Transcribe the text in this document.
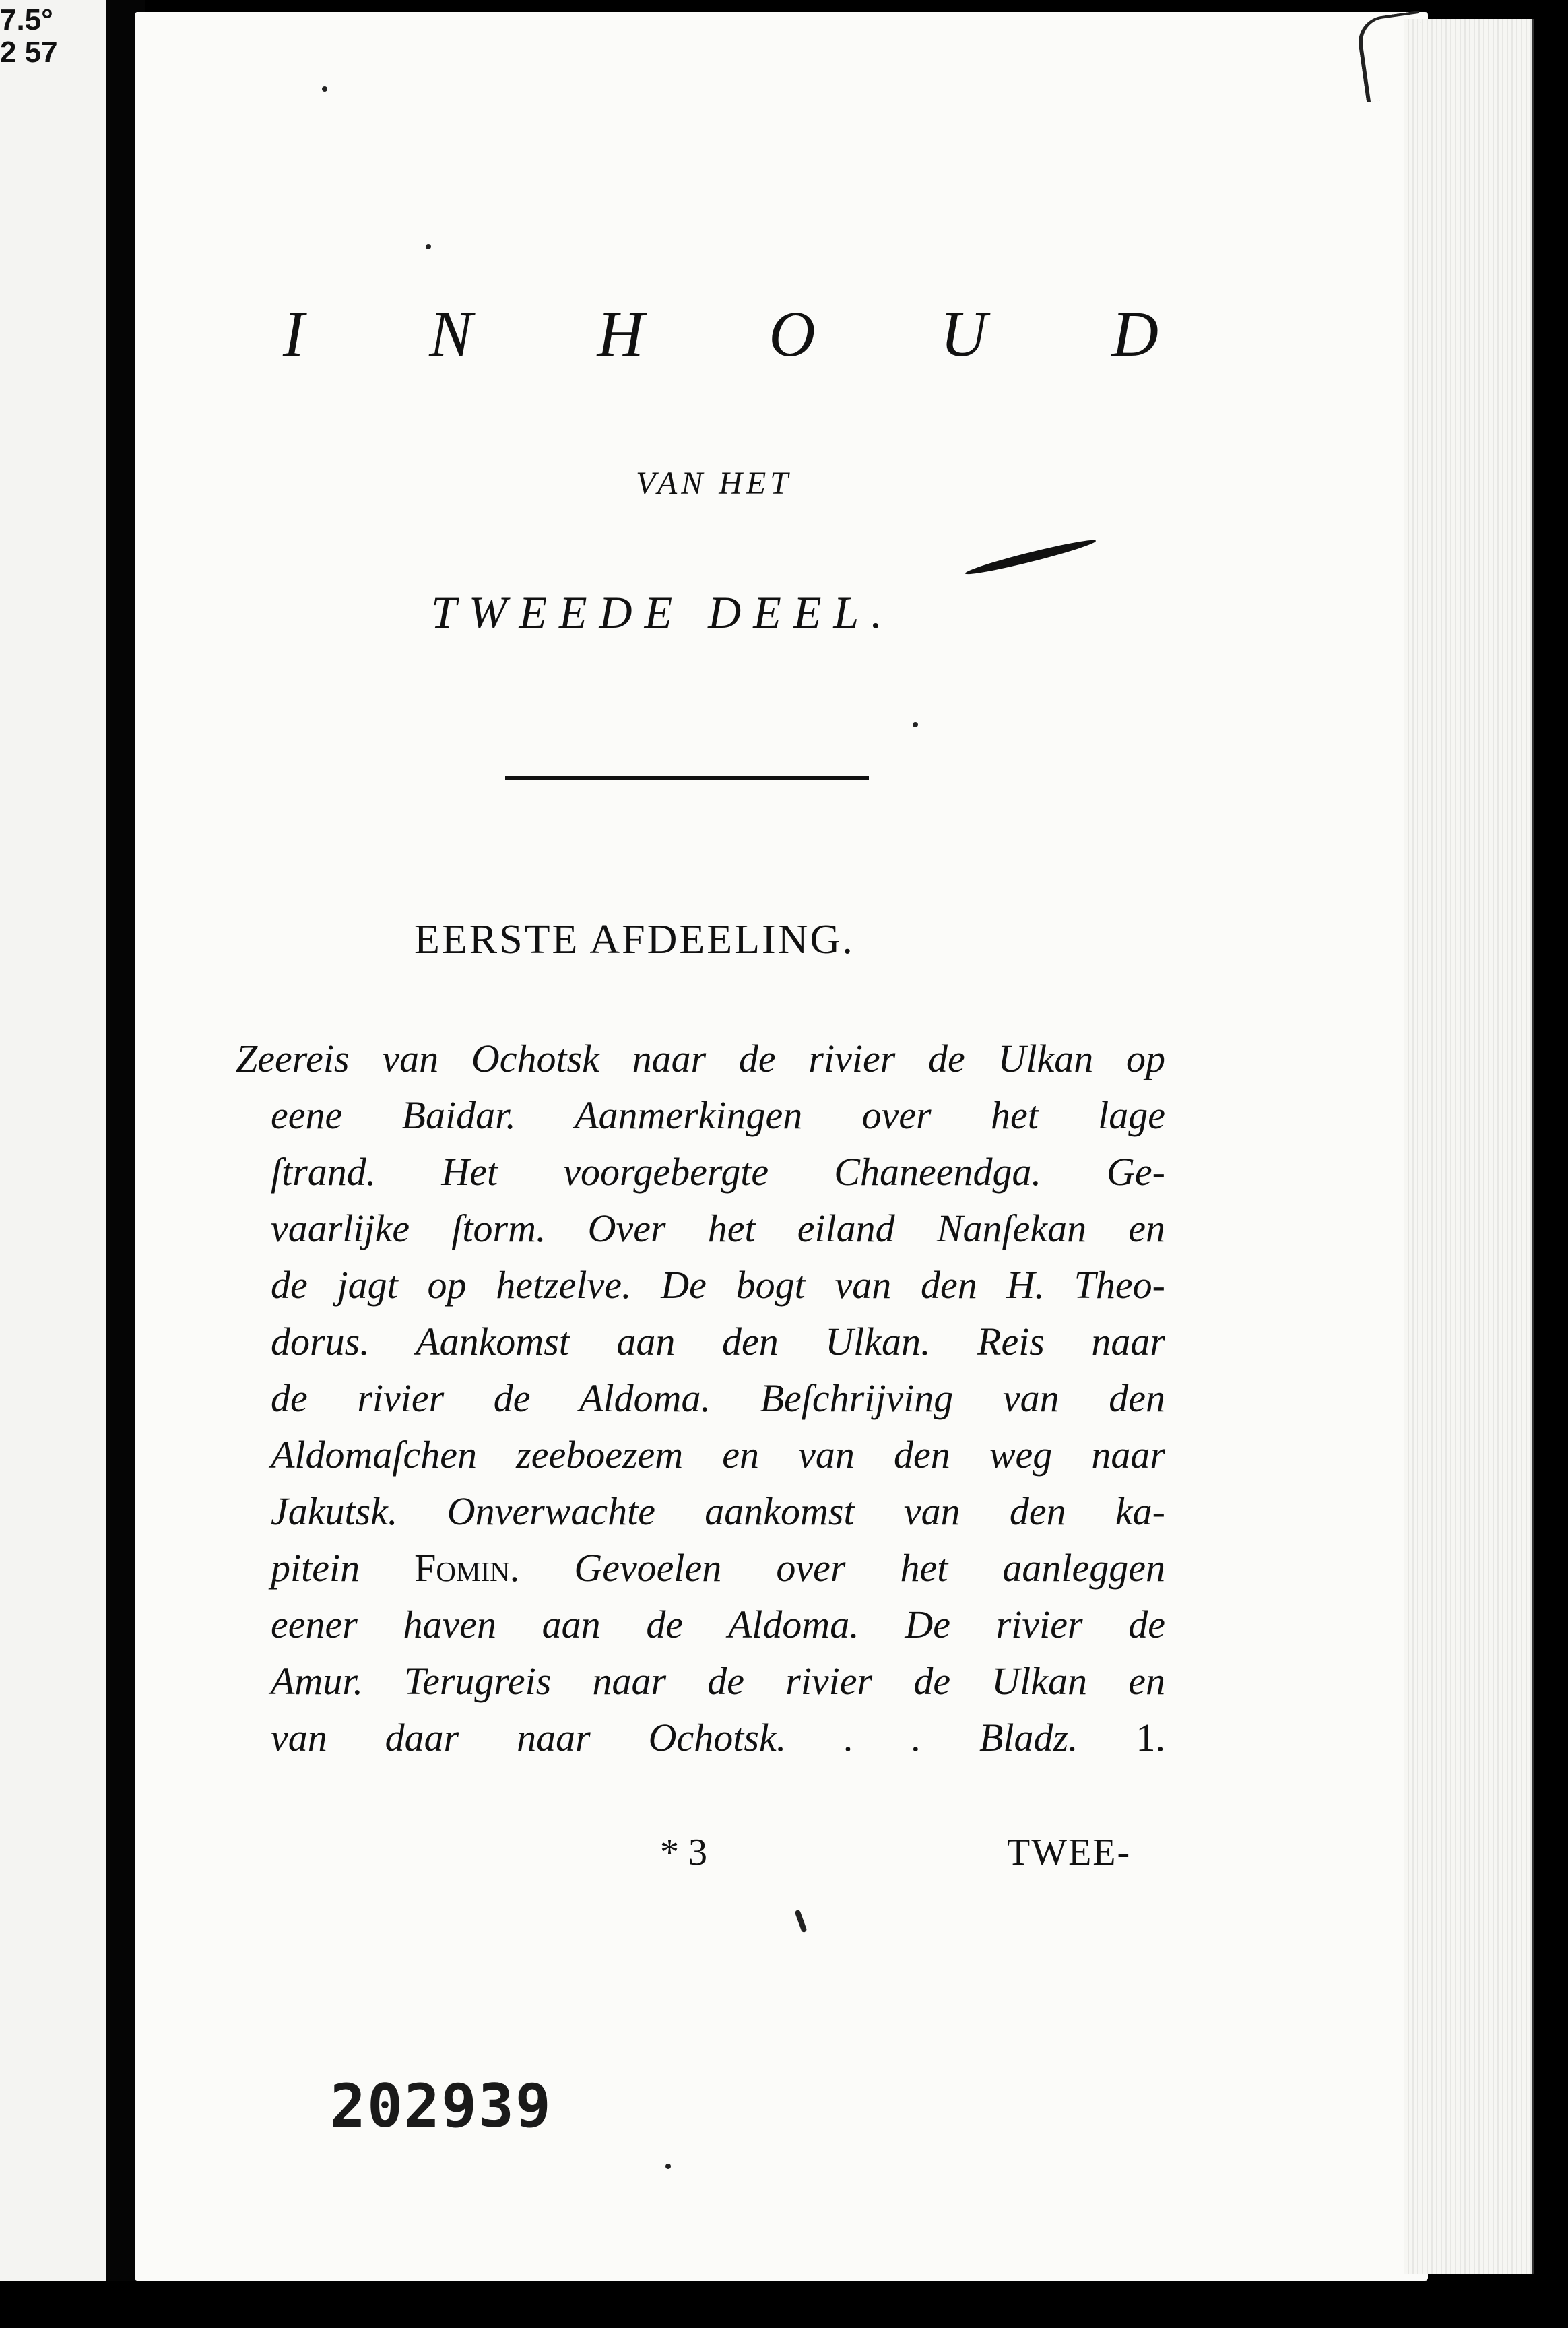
7.5°
2 57
I N H O U D
VAN HET
TWEEDE DEEL.
EERSTE AFDEELING.
Zeereis van Ochotsk naar de rivier de Ulkan op
eene Baidar. Aanmerkingen over het lage
ſtrand. Het voorgebergte Chaneendga. Ge-
vaarlijke ſtorm. Over het eiland Nanſekan en
de jagt op hetzelve. De bogt van den H. Theo-
dorus. Aankomst aan den Ulkan. Reis naar
de rivier de Aldoma. Beſchrijving van den
Aldomaſchen zeeboezem en van den weg naar
Jakutsk. Onverwachte aankomst van den ka-
pitein Fomin. Gevoelen over het aanleggen
eener haven aan de Aldoma. De rivier de
Amur. Terugreis naar de rivier de Ulkan en
van daar naar Ochotsk. . . Bladz. 1.
* 3	TWEE-
202939
